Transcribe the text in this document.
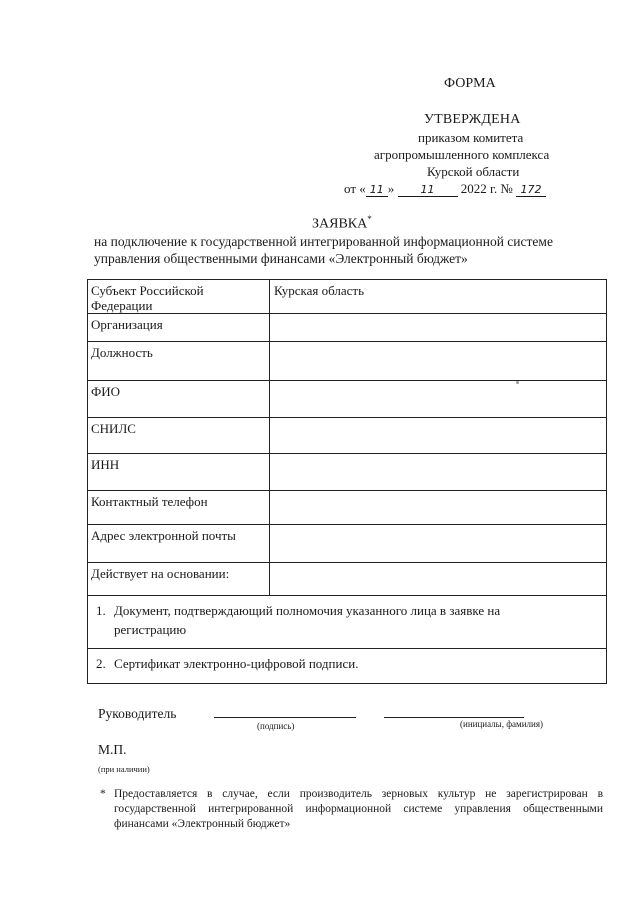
ФОРМА
УТВЕРЖДЕНА
приказом комитета
агропромышленного комплекса
Курской области
от « 11 » 11 2022 г. № 172
ЗАЯВКА*
на подключение к государственной интегрированной информационной системе управления общественными финансами «Электронный бюджет»
Субъект Российской Федерации
Курская область
Организация
Должность
ФИО
СНИЛС
ИНН
Контактный телефон
Адрес электронной почты
Действует на основании:
1. Документ, подтверждающий полномочия указанного лица в заявке на
регистрацию
2. Сертификат электронно-цифровой подписи.
Руководитель
(подпись)	(инициалы, фамилия)
М.П.
(при наличии)
* Предоставляется в случае, если производитель зерновых культур не зарегистрирован в государственной интегрированной информационной системе управления общественными финансами «Электронный бюджет»
